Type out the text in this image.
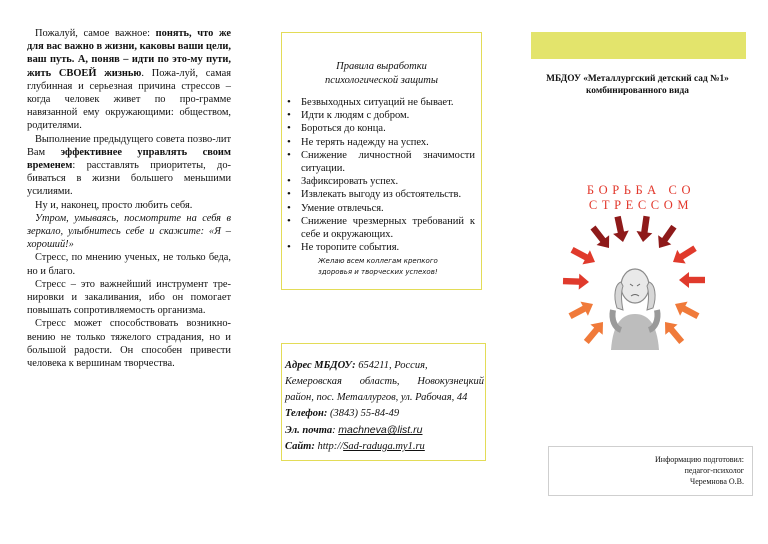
Пожалуй, самое важное: понять, что же для вас важно в жизни, каковы ваши цели, ваш путь. А, поняв – идти по это-му пути, жить СВОЕЙ жизнью. Пожа-луй, самая глубинная и серьезная причина стрессов – когда человек живет по про-грамме навязанной ему окружающими: обществом, родителями.

Выполнение предыдущего совета позво-лит Вам эффективнее управлять своим временем: расставлять приоритеты, до-биваться в жизни большего меньшими усилиями.

Ну и, наконец, просто любить себя.

Утром, умываясь, посмотрите на себя в зеркало, улыбнитесь себе и скажите: «Я – хороший!»

Стресс, по мнению ученых, не только беда, но и благо.

Стресс – это важнейший инструмент тре-нировки и закаливания, ибо он помогает повышать сопротивляемость организма.

Стресс может способствовать возникно-вению не только тяжелого страдания, но и большой радости. Он способен привести человека к вершинам творчества.

Правила выработки
психологической защиты
• Безвыходных ситуаций не бывает.
• Идти к людям с добром.
• Бороться до конца.
• Не терять надежду на успех.
• Снижение личностной значимости ситуации.
• Зафиксировать успех.
• Извлекать выгоду из обстоятельств.
• Умение отвлечься.
• Снижение чрезмерных требований к себе и окружающих.
• Не торопите события.
Желаю всем коллегам крепкого
здоровья и творческих успехов!
Адрес МБДОУ: 654211, Россия,
Кемеровская область, Новокузнецкий
район, пос. Металлургов, ул. Рабочая, 44
Телефон: (3843) 55-84-49
Эл. почта: machneva@list.ru
Сайт: http://Sad-raduga.my1.ru
МБДОУ «Металлургский детский сад №1»
комбинированного вида
БОРЬБА СО СТРЕССОМ
Информацию подготовил:
педагог-психолог
Черемнова О.В.
